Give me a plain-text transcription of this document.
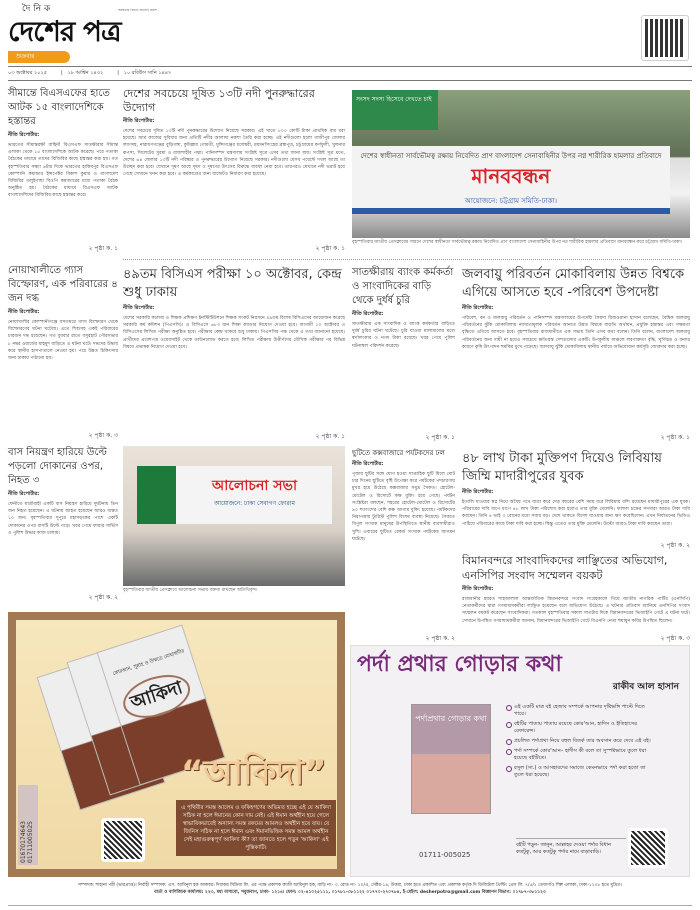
দৈ নি ক
দেশের পত্র
অবক্ষয়ের বিরুদ্ধে আলোর প্রকাশ
শুক্রবার
০৩ অক্টোবর ২০২৫	|   ১৮ আশ্বিন ১৪৩২	|   ১০ রবিউস সানি ১৪৪৭
সীমান্তে বিএসএফের হাতে আটক ১৫ বাংলাদেশিকে হস্তান্তর
নীতি রিপোর্টার:
ভারতের সীমান্তরক্ষী বাহিনী বিএসএফ সাতক্ষীরার সীমান্ত এলাকা থেকে ১৫ বাংলাদেশিকে আটক করেছে। পরে পতাকা বৈঠকের মাধ্যমে তাদের বিজিবির কাছে হস্তান্তর করা হয়। গত বৃহস্পতিবার সন্ধ্যা ৬টার দিকে ভারতের হাকিমপুর বিএসএফ কোম্পানি কমান্ডার ইন্সপেক্টর বিকাশ কুমার ও বাংলাদেশ বিজিবির তলুইগাছা বিওপি কমান্ডারের মধ্যে পতাকা বৈঠক অনুষ্ঠিত হয়। বৈঠকের মাধ্যমে বিএসএফ আটক বাংলাদেশিদের বিজিবির কাছে হস্তান্তর করে।
২ পৃষ্ঠা ক. ১
দেশের সবচেয়ে দূষিত ১৩টি নদী পুনরুদ্ধারের উদ্যোগ
নীতি রিপোর্টার:
দেশের সবচেয়ে দূষিত ১৩টি নদী পুনরুদ্ধারের উদ্যোগ নিয়েছে সরকার। এই খাতে ৮০০ কোটি টাকা প্রাথমিক ব্যয় ধরা হয়েছে। আর কাজের সুবিধার জন্য প্রতিটি নদীর আলাদা নকশা তৈরি করা হচ্ছে। এই নদীগুলো হলো গাজীপুর জেলার লবণদহ, নারায়ণগঞ্জের বুড়িগঙ্গা, কুমিল্লার গোমতী, মুন্সিগঞ্জের ধলেশ্বরী, ময়মনসিংহের ব্রহ্মপুত্র, চট্টগ্রামের কর্ণফুলী, খুলনার রূপসা, সিলেটের সুরমা ও রাজশাহীর পদ্মা। পানিসম্পদ মন্ত্রণালয় সংশ্লিষ্ট সূত্রে এসব তথ্য জানা যায়। সংশ্লিষ্ট সূত্র মতে, দেশের ৬৪ জেলার ১৩টি নদী পরিষ্কার ও পুনরুদ্ধারের উদ্যোগ নিয়েছে সরকার। নদীগুলো যেসব পয়েন্টে দখল আছে তা উচ্ছেদ করা হবে। যেখানে দূষণ আছে দূষণ ও দূষণের উৎসের বিরুদ্ধে ব্যবস্থা নেয়া হবে। তারপরও যেখানে নদী ভরাট হয়ে গেছে সেখানে খনন করা হবে। এ কর্মকাণ্ডের জন্য বাজেটও নির্ধারণ করা হয়েছে।
২ পৃষ্ঠা ক. ১
সংসদ সদস্য হিসেবে দেখতে চাই
দেশের স্বাধীনতা সার্বভৌমত্ব রক্ষায় নিবেদিত প্রাণ বাংলাদেশ সেনাবাহিনীর উপর নগ্ন শারীরিক হামলার প্রতিবাদে
মানববন্ধন
আয়োজনে: চট্টগ্রাম সমিতি-ঢাকা।
বৃহস্পতিবার জাতীয় প্রেসক্লাবের সামনে দেশের স্বাধীনতা সার্বভৌমত্ব রক্ষায় নিবেদিত প্রাণ বাংলাদেশ সেনাবাহিনীর উপর নগ্ন শারীরিক হামলার প্রতিবাদে মানববন্ধন করে চট্টগ্রাম সমিতি-ঢাকা।
নোয়াখালীতে গ্যাস বিস্ফোরণ, এক পরিবারের ৪ জন দগ্ধ
নীতি রিপোর্টার:
নোয়াখালীর কোম্পানীগঞ্জে বসতঘরে গ্যাস বিস্ফোরণ থেকে বিস্ফোরণের ঘটনা ঘটেছে। এতে শিশুসহ একই পরিবারের চারজন দগ্ধ হয়েছেন। গত বুধবার রাতে বসুরহাট পৌরসভার ৮ নম্বর ওয়ার্ডের মাহমুদ বাড়িতে এ ঘটনা ঘটে। দগ্ধদের উদ্ধার করে স্থানীয় হাসপাতালে নেওয়া হয়। পরে উন্নত চিকিৎসার জন্য ঢাকায় পাঠানো হয়।
২ পৃষ্ঠা ক. ৩
৪৯তম বিসিএস পরীক্ষা ১০ অক্টোবর, কেন্দ্র শুধু ঢাকায়
নীতি রিপোর্টার:
দেশের সরকারি কলেজ ও শিক্ষক প্রশিক্ষণ ইনস্টিটিউশনে শিক্ষক সংকট নিরসনে ৪৯তম বিশেষ বিসিএসের আয়োজন করেছে সরকারি কর্ম কমিশন (পিএসসি)। এ বিসিএসে ৬৮৩ জন শিক্ষা ক্যাডার নিয়োগ দেওয়া হবে। আগামী ১০ অক্টোবর এ বিসিএসের লিখিত পরীক্ষা অনুষ্ঠিত হবে। পরীক্ষার কেন্দ্র থাকবে শুধু ঢাকায়। পিএসসির পক্ষ থেকে এ তথ্য জানানো হয়েছে। প্রার্থীদের প্রবেশপত্র ওয়েবসাইট থেকে ডাউনলোড করতে হবে। লিখিত পরীক্ষায় উত্তীর্ণদের মৌখিক পরীক্ষার পর বিভিন্ন বিষয়ে প্রভাষক নিয়োগ দেওয়া হবে।
২ পৃষ্ঠা ক. ১
সাতক্ষীরায় ব্যাংক কর্মকর্তা ও সাংবাদিকের বাড়ি থেকে দুর্ধর্ষ চুরি
নীতি রিপোর্টার:
সাতক্ষীরায় এক সাংবাদিক ও ব্যাংক কর্মকর্তার বাড়িতে দুর্ধর্ষ চুরির ঘটনা ঘটেছে। চুরি যাওয়া মালামালের মধ্যে স্বর্ণালংকার ও নগদ টাকা রয়েছে। খবর পেয়ে পুলিশ ঘটনাস্থল পরিদর্শন করেছে।
২ পৃষ্ঠা ক. ১
জলবায়ু পরিবর্তন মোকাবিলায় উন্নত বিশ্বকে এগিয়ে আসতে হবে -পরিবেশ উপদেষ্টা
নীতি রিপোর্টার:
পরিবেশ, বন ও জলবায়ু পরিবর্তন ও পানিসম্পদ মন্ত্রণালয়ের উপদেষ্টা সৈয়দা রিজওয়ানা হাসান বলেছেন, বৈশ্বিক জলবায়ু পরিবর্তনের ঝুঁকি মোকাবিলায় ন্যায্যতামূলক পরিবর্তন আনতে উন্নত বিশ্বকে বাড়তি অর্থায়ন, প্রযুক্তি হস্তান্তর এবং সক্ষমতা বৃদ্ধিতে এগিয়ে আসতে হবে। বৃহস্পতিবার রাজধানীতে এক সভায় তিনি এসব কথা বলেন। তিনি বলেন, বাংলাদেশ জলবায়ু পরিবর্তনের জন্য দায়ী না হয়েও সবচেয়ে ক্ষতিগ্রস্ত দেশগুলোর একটি। উপকূলীয় অঞ্চলে লবণাক্ততা বৃদ্ধি, ঘূর্ণিঝড় ও বন্যার কারণে কৃষি উৎপাদন হুমকির মুখে পড়েছে। জলবায়ু ঝুঁকি মোকাবিলায় স্থানীয় পর্যায়ে অভিযোজন কর্মসূচি জোরদার করা হচ্ছে।
২ পৃষ্ঠা ক. ১
বাস নিয়ন্ত্রণ হারিয়ে উল্টে পড়লো দোকানের ওপর, নিহত ৩
নীতি রিপোর্টার:
ফেনীতে যাত্রীবাহী একটি বাস নিয়ন্ত্রণ হারিয়ে দুর্ঘটনায় তিন জন নিহত হয়েছেন। এ ঘটনায় আহত হয়েছেন আরও অন্তত ১০ জন। বৃহস্পতিবার দুপুরে মহাসড়কের পাশে একটি দোকানের ওপর বাসটি উল্টে পড়ে। খবর পেয়ে ফায়ার সার্ভিস ও পুলিশ উদ্ধার কাজ চালায়।
২ পৃষ্ঠা ক. ২
আলোচনা সভা
আয়োজনে: ঢাকা সেবাগণ ফোরাম
বৃহস্পতিবার জাতীয় প্রেসক্লাবে আলোচনা সভায় বক্তব্য রাখছেন অতিথিবৃন্দ।
ছুটিতে কক্সবাজারে পর্যটকদের ঢল
নীতি রিপোর্টার:
পূজার ছুটির সঙ্গে যোগ হওয়া সাপ্তাহিক ছুটি মিলে মোট চার দিনের ছুটিতে বৃষ্টি উপেক্ষা করে পর্যটকের পদচারণায় মুখর হয়ে উঠেছে কক্সবাজার সমুদ্র সৈকত। হোটেল-মোটেল ও রিসোর্টে কক্ষ বুকিং হয়ে গেছে। পর্যটন সংশ্লিষ্টরা বলছেন, শহরের হোটেল-মোটেল ও রিসোর্টের ৯০ শতাংশের বেশি কক্ষ আগাম বুকিং হয়েছে। পর্যটকদের নিরাপত্তায় ট্যুরিস্ট পুলিশ বিশেষ ব্যবস্থা নিয়েছে। সৈকতে বিপুল সংখ্যক মানুষের উপস্থিতিতে স্থানীয় ব্যবসায়ীরাও খুশি। এবারের ছুটিতে রেকর্ড সংখ্যক পর্যটকের আগমন ঘটেছে।
২ পৃষ্ঠা ক. ২
৪৮ লাখ টাকা মুক্তিপণ দিয়েও লিবিয়ায় জিম্মি মাদারীপুরের যুবক
নীতি রিপোর্টার:
ইতালি যাওয়ার স্বপ্ন নিয়ে অবৈধ পথে যাত্রা করে দেড় বছরের বেশি সময় ধরে লিবিয়ায় বন্দি রয়েছেন মাদারীপুরের এক যুবক। পরিবারের দাবি ধাপে ধাপে ৪৮ লাখ টাকা পরিশোধ করা হলেও তার মুক্তি মেলেনি। দালাল চক্রের সদস্যরা আরও টাকা দাবি করছেন। তিনি ৪ ভাই ৩ বোনের মধ্যে সবার বড়। দেশে থাকতে বিদেশ যাওয়ার জন্য ঋণ করেছিলেন। এখন নির্যাতনের ভিডিও পাঠিয়ে পরিবারের কাছে টাকা দাবি করা হচ্ছে। কিন্তু এতেও তার মুক্তি মেলেনি। উল্টো আরও টাকা দাবি করছেন তারা।
২ পৃষ্ঠা ক. ২
বিমানবন্দরে সাংবাদিকদের লাঞ্ছিতের অভিযোগ, এনসিপির সংবাদ সম্মেলন বয়কট
নীতি রিপোর্টার:
রাজধানীর হযরত শাহজালাল আন্তর্জাতিক বিমানবন্দরে সংবাদ সংগ্রহকালে গিয়ে জাতীয় নাগরিক পার্টির (এনসিপি) নেতাকর্মীদের দ্বারা গণমাধ্যমকর্মীরা লাঞ্ছিত হয়েছেন বলে অভিযোগ উঠেছে। এ ঘটনার প্রতিবাদ জানিয়ে এনসিপির সংবাদ সম্মেলন বয়কট করেছেন সাংবাদিকরা। গতকাল বৃহস্পতিবার সকাল সাতটার দিকে বিমানবন্দরের ভিআইপি গেটে এ ঘটনা ঘটে। সেখানে উপস্থিত গণমাধ্যমকর্মীরা জানান, বিমানবন্দরের ভিআইপি গেটে বিএনপি নেতা হুমায়ুন কবির উপস্থিত ছিলেন।
২ পৃষ্ঠা ক. ৩
কোরআন, সুন্নাহ ও উম্মতে মোহাম্মদীর
আকিদা
“আকিদা”
এ পৃথিবীর সমস্ত আলেম ও ফকিহগণের অভিমত হচ্ছে এই যে আকিদা সঠিক না হলে ঈমানের কোন দাম নেই। এই ঈমান অর্থহীন হয়ে গেলে স্বাভাবিকভাবেই অন্যান্য সমস্ত রকমের আমলও অর্থহীন হয়ে যায়। যে জিনিস সঠিক না হলে ঈমান এবং ঈমানভিত্তিক সমস্ত আমল অর্থহীন সেই মহাগুরুত্বপূর্ণ আকিদা কী? তা জানতে হলে পড়ুন 'আকিদা' এই পুস্তিকাটি।
01670174643 01711005025
পর্দা প্রথার গোড়ার কথা
রাকীব আল হাসান
পর্দাপ্রথার গোড়ার কথা
এই একটি মাত্র বই হেজাব সম্পর্কে আপনার দৃষ্টিভঙ্গি পাল্টে দিতে পারে।
বইটির পাতায় পাতায় রয়েছে কোর'আন, হাদিস ও ইতিহাসের রেফারেন্স।
প্রচলিত পর্দাপ্রথা নিয়ে বহুল বিতর্ক তার অবসান করে দেবে এই বই।
পর্দা সম্পর্কে কোর'আন– হাদীস কী বলে তা সুস্পষ্টভাবে তুলে ধরা হয়েছে বইটিতে।
রসুল (সা.) ও আসহাবদের সমাজে কেমনভাবে পর্দা করা হতো তা তুলে ধরা হয়েছে।
বইটি পড়ুন- জানুন, আল্লাহর দেওয়া পর্দার বিধান কতটুকু, আর কতটুকু পর্দার নামে বাড়াবাড়ি।
01711-005025
সম্পাদক: শাহানা পন্নী (ভারপ্রাপ্ত)। নির্বাহী সম্পাদক: এস. আমিনুল হক আকবর। দিবাকর মিডিয়া লি. এর পক্ষে প্রকাশক কাজী আমিনুল হক, বাড়ি নং- ৩, রোড নং- ২০/এ, সেক্টর-১৪, উত্তরা, ঢাকা হতে প্রকাশিত এবং প্রকাশক কর্তৃক দি ডিজিটাল প্রিন্টিং প্রেস লি. ৭/৫/১ তেজগাঁও শিল্প এলাকা, ঢাকা-১২০৮ হতে মুদ্রিত।
বার্তা ও বাণিজ্যিক কার্যালয়: ২২৩, মধ্য বাসাবো, সবুজবাগ, ঢাকা- ১২১৪। ফোন: ০২-৪১০২৫১১১, ০১৭৮১-৩৮১১২২ ০১৭৭০-২৭০৭৮৪, ই-মেইল: desherpotro@gmail.com বিজ্ঞাপন বিভাগ: ০১৭৮৭-৩৮১১২৩
